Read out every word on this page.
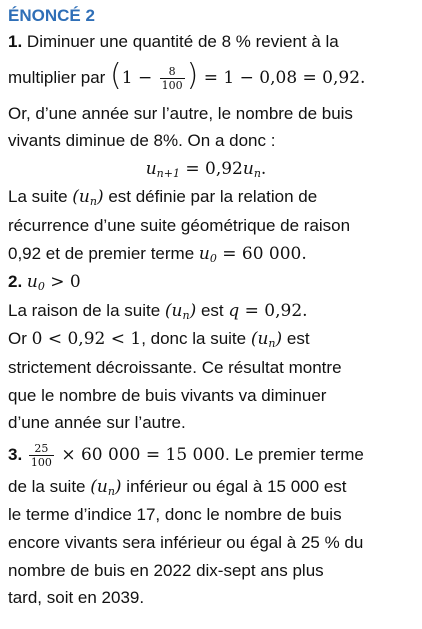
ÉNONCÉ 2
1. Diminuer une quantité de 8 % revient à la
multiplier par ($1 - \frac{8}{100}$ ) = 1 − 0,08 = 0,92.
Or, d’une année sur l’autre, le nombre de buis
vivants diminue de 8%. On a donc :
$u_{n+1} = 0,92u_n$.
La suite $(u_n)$ est définie par la relation de
récurrence d’une suite géométrique de raison
0,92 et de premier terme $u_0 = 60$ 000.
2. $u_0 > 0$
La raison de la suite $(u_n)$ est q = 0,92.
Or 0 < 0,92 < 1, donc la suite $(u_n)$ est
strictement décroissante. Ce résultat montre
que le nombre de buis vivants va diminuer
d’une année sur l’autre.
3. $\frac{25}{100} \times 60$ 000 = 15 000. Le premier terme
de la suite $(u_n)$ inférieur ou égal à 15 000 est
le terme d’indice 17, donc le nombre de buis
encore vivants sera inférieur ou égal à 25 % du
nombre de buis en 2022 dix-sept ans plus
tard, soit en 2039.
